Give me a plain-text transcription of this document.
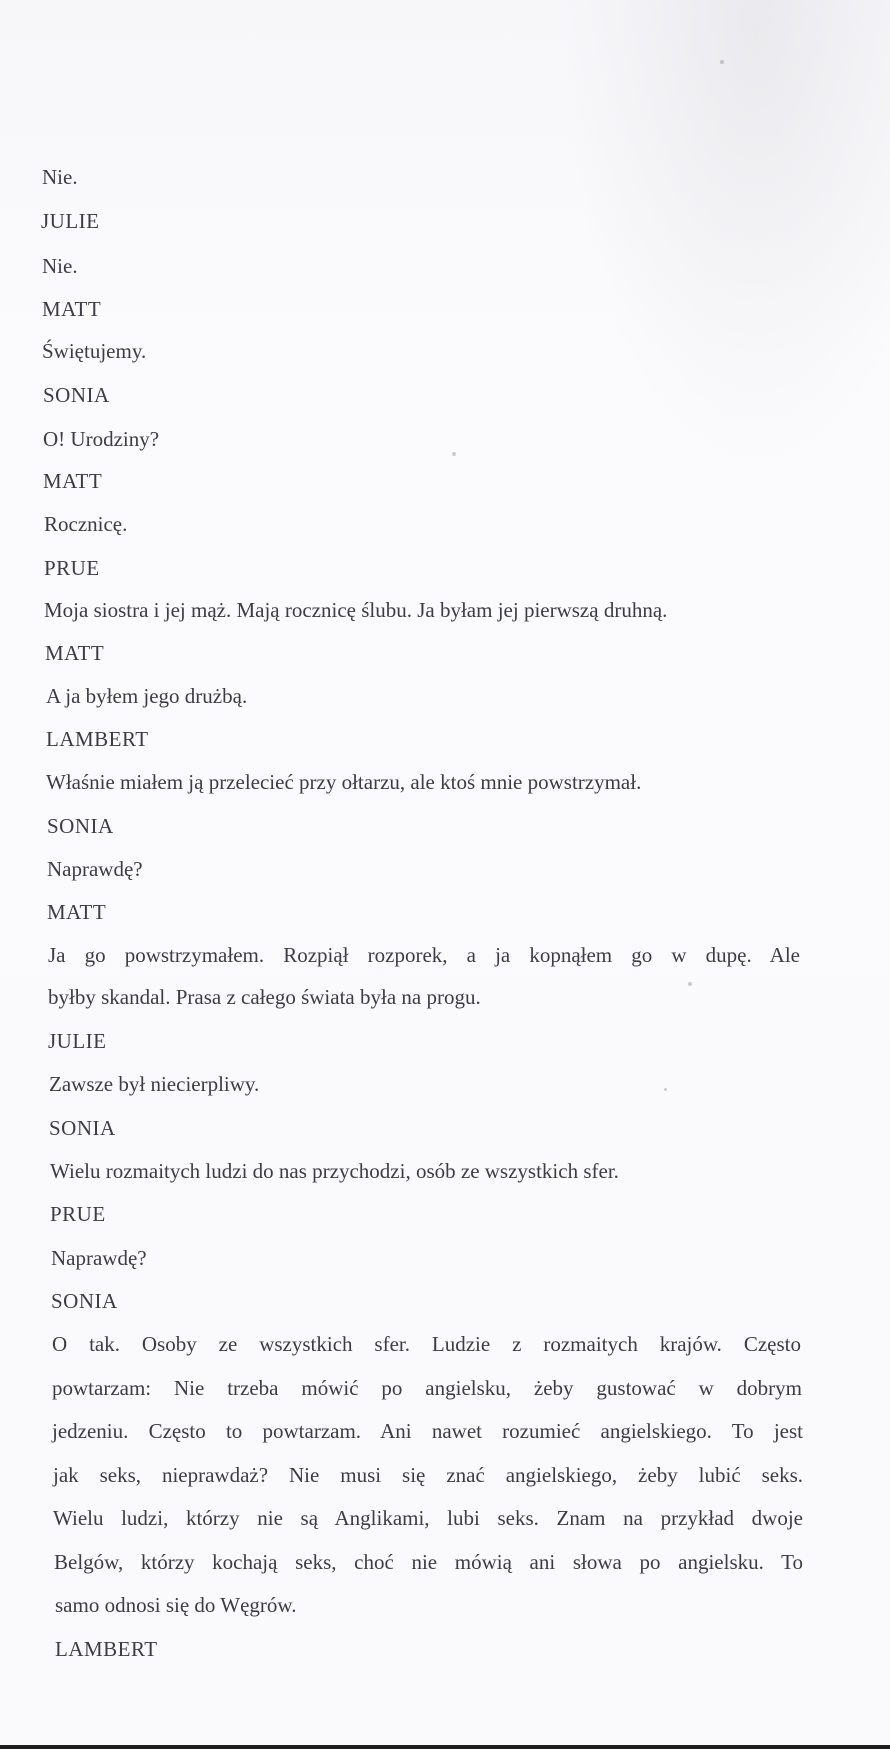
Nie.
JULIE
Nie.
MATT
Świętujemy.
SONIA
O! Urodziny?
MATT
Rocznicę.
PRUE
Moja siostra i jej mąż. Mają rocznicę ślubu. Ja byłam jej pierwszą druhną.
MATT
A ja byłem jego drużbą.
LAMBERT
Właśnie miałem ją przelecieć przy ołtarzu, ale ktoś mnie powstrzymał.
SONIA
Naprawdę?
MATT
Ja go powstrzymałem. Rozpiął rozporek, a ja kopnąłem go w dupę. Ale
byłby skandal. Prasa z całego świata była na progu.
JULIE
Zawsze był niecierpliwy.
SONIA
Wielu rozmaitych ludzi do nas przychodzi, osób ze wszystkich sfer.
PRUE
Naprawdę?
SONIA
O tak. Osoby ze wszystkich sfer. Ludzie z rozmaitych krajów. Często
powtarzam: Nie trzeba mówić po angielsku, żeby gustować w dobrym
jedzeniu. Często to powtarzam. Ani nawet rozumieć angielskiego. To jest
jak seks, nieprawdaż? Nie musi się znać angielskiego, żeby lubić seks.
Wielu ludzi, którzy nie są Anglikami, lubi seks. Znam na przykład dwoje
Belgów, którzy kochają seks, choć nie mówią ani słowa po angielsku. To
samo odnosi się do Węgrów.
LAMBERT
